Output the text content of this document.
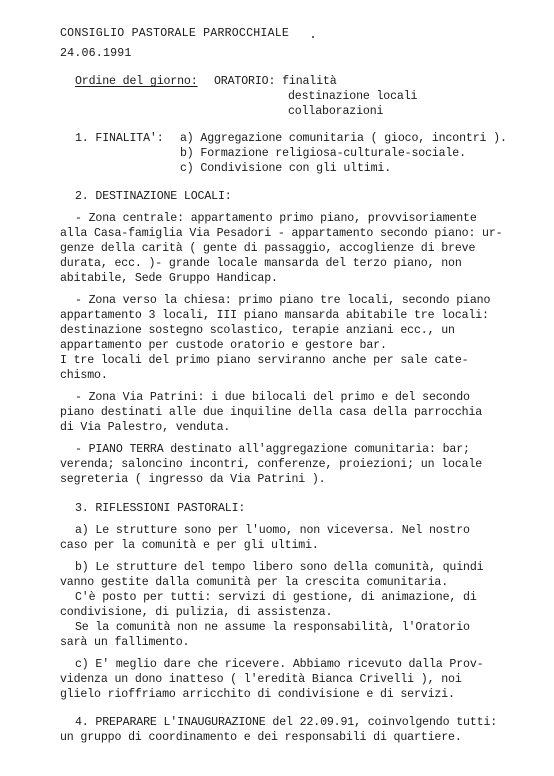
CONSIGLIO PASTORALE PARROCCHIALE
24.06.1991
Ordine del giorno: ORATORIO: finalità
destinazione locali
collaborazioni
1. FINALITA': a) Aggregazione comunitaria ( gioco, incontri ).
b) Formazione religiosa-culturale-sociale.
c) Condivisione con gli ultimi.
2. DESTINAZIONE LOCALI:
- Zona centrale: appartamento primo piano, provvisoriamente
alla Casa-famiglia Via Pesadori - appartamento secondo piano: ur-
genze della carità ( gente di passaggio, accoglienze di breve
durata, ecc. )- grande locale mansarda del terzo piano, non
abitabile, Sede Gruppo Handicap.
- Zona verso la chiesa: primo piano tre locali, secondo piano
appartamento 3 locali, III piano mansarda abitabile tre locali:
destinazione sostegno scolastico, terapie anziani ecc., un
appartamento per custode oratorio e gestore bar.
I tre locali del primo piano serviranno anche per sale cate-
chismo.
- Zona Via Patrini: i due bilocali del primo e del secondo
piano destinati alle due inquiline della casa della parrocchia
di Via Palestro, venduta.
- PIANO TERRA destinato all'aggregazione comunitaria: bar;
verenda; saloncino incontri, conferenze, proiezioni; un locale
segreteria ( ingresso da Via Patrini ).
3. RIFLESSIONI PASTORALI:
a) Le strutture sono per l'uomo, non viceversa. Nel nostro
caso per la comunità e per gli ultimi.
b) Le strutture del tempo libero sono della comunità, quindi
vanno gestite dalla comunità per la crescita comunitaria.
C'è posto per tutti: servizi di gestione, di animazione, di
condivisione, di pulizia, di assistenza.
Se la comunità non ne assume la responsabilità, l'Oratorio
sarà un fallimento.
c) E' meglio dare che ricevere. Abbiamo ricevuto dalla Prov-
videnza un dono inatteso ( l'eredità Bianca Crivelli ), noi
glielo rioffriamo arricchito di condivisione e di servizi.
4. PREPARARE L'INAUGURAZIONE del 22.09.91, coinvolgendo tutti:
un gruppo di coordinamento e dei responsabili di quartiere.
